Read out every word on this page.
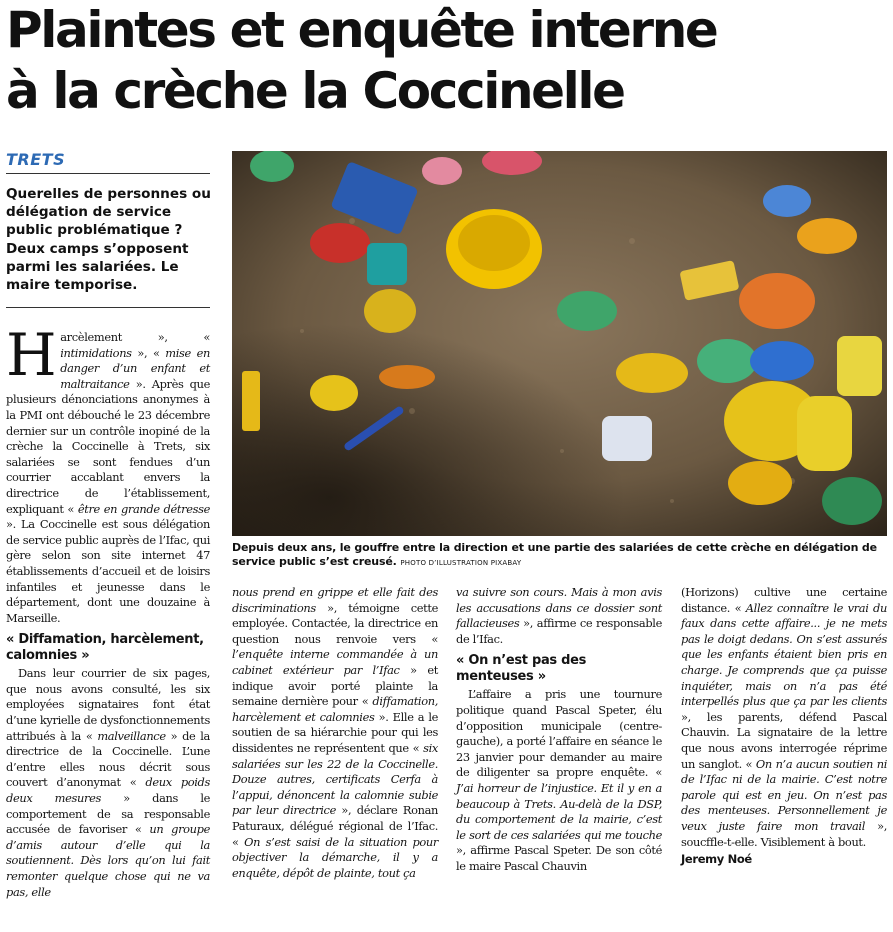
Plaintes et enquête interne
à la crèche la Coccinelle
TRETS
Querelles de personnes ou délégation de service public problématique ? Deux camps s’opposent parmi les salariées. Le maire temporise.
Depuis deux ans, le gouffre entre la direction et une partie des salariées de cette crèche en délégation de service public s’est creusé. PHOTO D’ILLUSTRATION PIXABAY

H arcèlement », « intimidations », « mise en danger d’un enfant et maltraitance ». Après que plusieurs dénonciations anonymes à la PMI ont débouché le 23 décembre dernier sur un contrôle inopiné de la crèche la Coccinelle à Trets, six salariées se sont fendues d’un courrier accablant envers la directrice de l’établissement, expliquant « être en grande détresse ». La Coccinelle est sous délégation de service public auprès de l’Ifac, qui gère selon son site internet 47 établissements d’accueil et de loisirs infantiles et jeunesse dans le département, dont une douzaine à Marseille.

« Diffamation, harcèlement, calomnies »

Dans leur courrier de six pages, que nous avons consulté, les six employées signataires font état d’une kyrielle de dysfonctionnements attribués à la « malveillance » de la directrice de la Coccinelle. L’une d’entre elles nous décrit sous couvert d’anonymat « deux poids deux mesures » dans le comportement de sa responsable accusée de favoriser « un groupe d’amis autour d’elle qui la soutiennent. Dès lors qu’on lui fait remonter quelque chose qui ne va pas, elle

nous prend en grippe et elle fait des discriminations », témoigne cette employée. Contactée, la directrice en question nous renvoie vers « l’enquête interne commandée à un cabinet extérieur par l’Ifac » et indique avoir porté plainte la semaine dernière pour « diffamation, harcèlement et calomnies ». Elle a le soutien de sa hiérarchie pour qui les dissidentes ne représentent que « six salariées sur les 22 de la Coccinelle. Douze autres, certificats Cerfa à l’appui, dénoncent la calomnie subie par leur directrice », déclare Ronan Paturaux, délégué régional de l’Ifac. « On s’est saisi de la situation pour objectiver la démarche, il y a enquête, dépôt de plainte, tout ça

va suivre son cours. Mais à mon avis les accusations dans ce dossier sont fallacieuses », affirme ce responsable de l’Ifac.

« On n’est pas des menteuses »

L’affaire a pris une tournure politique quand Pascal Speter, élu d’opposition municipale (centre-gauche), a porté l’affaire en séance le 23 janvier pour demander au maire de diligenter sa propre enquête. « J’ai horreur de l’injustice. Et il y en a beaucoup à Trets. Au-delà de la DSP, du comportement de la mairie, c’est le sort de ces salariées qui me touche », affirme Pascal Speter. De son côté le maire Pascal Chauvin

(Horizons) cultive une certaine distance. « Allez connaître le vrai du faux dans cette affaire... je ne mets pas le doigt dedans. On s’est assurés que les enfants étaient bien pris en charge. Je comprends que ça puisse inquiéter, mais on n’a pas été interpellés plus que ça par les clients », les parents, défend Pascal Chauvin. La signataire de la lettre que nous avons interrogée réprime un sanglot. « On n’a aucun soutien ni de l’Ifac ni de la mairie. C’est notre parole qui est en jeu. On n’est pas des menteuses. Personnellement je veux juste faire mon travail », soucffle-t-elle. Visiblement à bout.

Jeremy Noé
